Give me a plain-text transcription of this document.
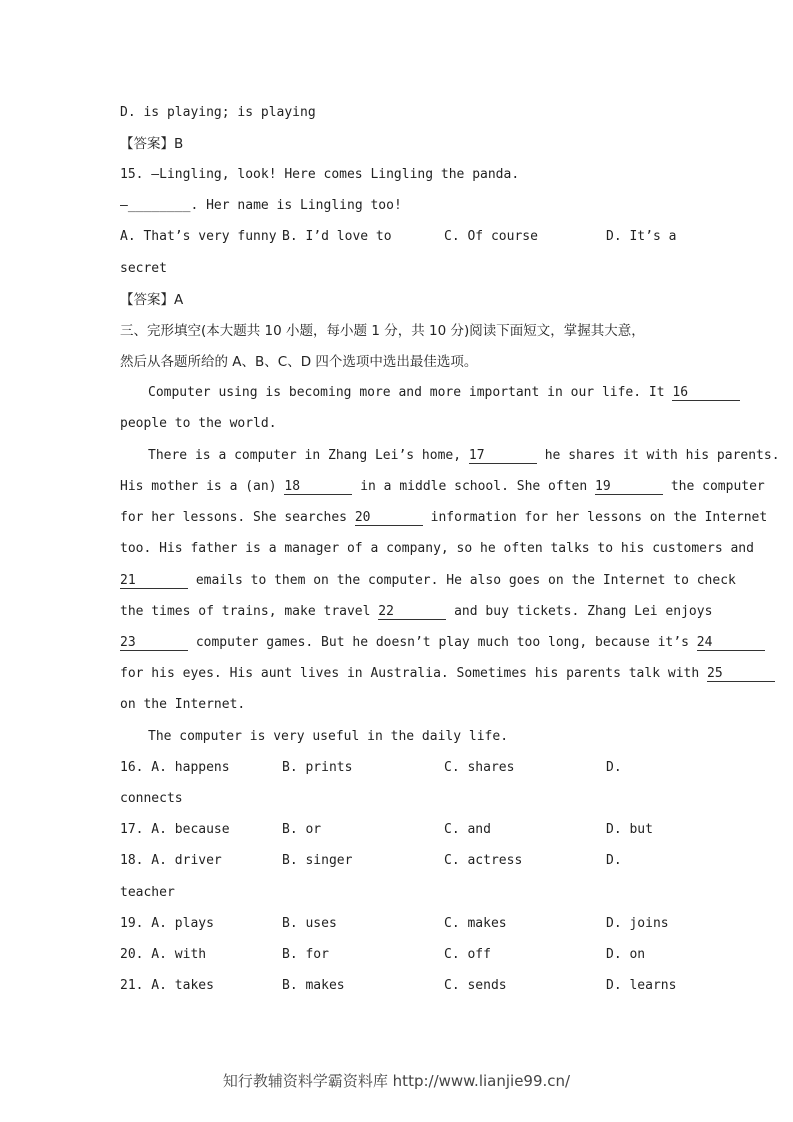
D. is playing; is playing
【答案】B
15. —Lingling, look! Here comes Lingling the panda.
—________. Her name is Lingling too!
A. That’s very funny B. I’d love to	C. Of course	D. It’s a
secret
【答案】A
三、完形填空(本大题共 10 小题，每小题 1 分，共 10 分)阅读下面短文，掌握其大意，
然后从各题所给的 A、B、C、D 四个选项中选出最佳选项。
Computer using is becoming more and more important in our life. It 16
people to the world.
There is a computer in Zhang Lei’s home, 17	he shares it with his parents.
His mother is a (an) 18	in a middle school. She often 19	the computer
for her lessons. She searches 20	information for her lessons on the Internet
too. His father is a manager of a company, so he often talks to his customers and
21	emails to them on the computer. He also goes on the Internet to check
the times of trains, make travel 22	and buy tickets. Zhang Lei enjoys
23	computer games. But he doesn’t play much too long, because it’s 24
for his eyes. His aunt lives in Australia. Sometimes his parents talk with 25
on the Internet.
The computer is very useful in the daily life.
16. A. happens	B. prints	C. shares	D.
connects
17. A. because	B. or	C. and	D. but
18. A. driver	B. singer	C. actress	D.
teacher
19. A. plays	B. uses	C. makes	D. joins
20. A. with	B. for	C. off	D. on
21. A. takes	B. makes	C. sends	D. learns
知行教辅资料学霸资料库 http://www.lianjie99.cn/
